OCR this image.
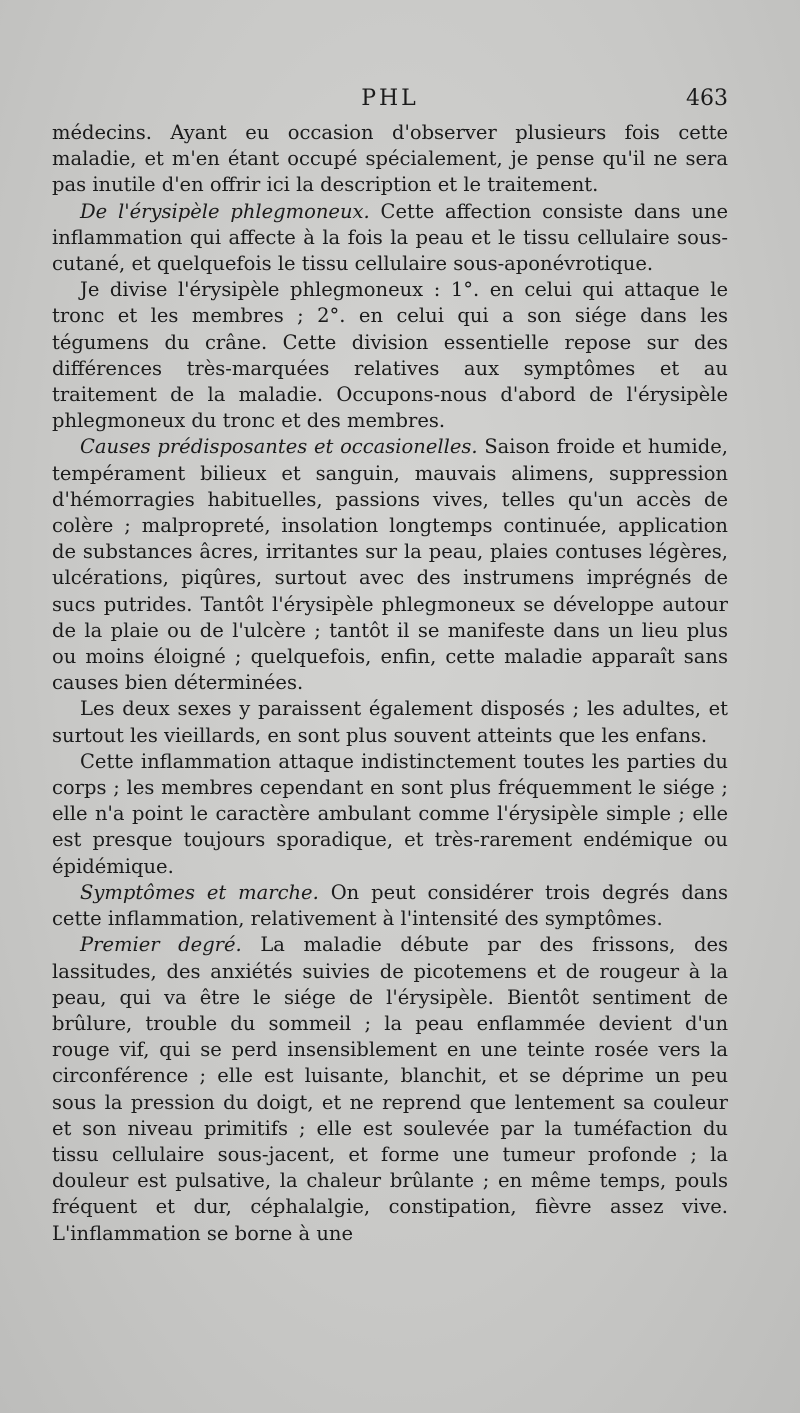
PHL	463

médecins. Ayant eu occasion d'observer plusieurs fois cette maladie, et m'en étant occupé spécialement, je pense qu'il ne sera pas inutile d'en offrir ici la description et le traitement.

De l'érysipèle phlegmoneux. Cette affection consiste dans une inflammation qui affecte à la fois la peau et le tissu cellulaire sous-cutané, et quelquefois le tissu cellulaire sous-aponévrotique.

Je divise l'érysipèle phlegmoneux : 1°. en celui qui attaque le tronc et les membres ; 2°. en celui qui a son siége dans les tégumens du crâne. Cette division essentielle repose sur des différences très-marquées relatives aux symptômes et au traitement de la maladie. Occupons-nous d'abord de l'érysipèle phlegmoneux du tronc et des membres.

Causes prédisposantes et occasionelles. Saison froide et humide, tempérament bilieux et sanguin, mauvais alimens, suppression d'hémorragies habituelles, passions vives, telles qu'un accès de colère ; malpropreté, insolation longtemps continuée, application de substances âcres, irritantes sur la peau, plaies contuses légères, ulcérations, piqûres, surtout avec des instrumens imprégnés de sucs putrides. Tantôt l'érysipèle phlegmoneux se développe autour de la plaie ou de l'ulcère ; tantôt il se manifeste dans un lieu plus ou moins éloigné ; quelquefois, enfin, cette maladie apparaît sans causes bien déterminées.

Les deux sexes y paraissent également disposés ; les adultes, et surtout les vieillards, en sont plus souvent atteints que les enfans.

Cette inflammation attaque indistinctement toutes les parties du corps ; les membres cependant en sont plus fréquemment le siége ; elle n'a point le caractère ambulant comme l'érysipèle simple ; elle est presque toujours sporadique, et très-rarement endémique ou épidémique.

Symptômes et marche. On peut considérer trois degrés dans cette inflammation, relativement à l'intensité des symptômes.

Premier degré. La maladie débute par des frissons, des lassitudes, des anxiétés suivies de picotemens et de rougeur à la peau, qui va être le siége de l'érysipèle. Bientôt sentiment de brûlure, trouble du sommeil ; la peau enflammée devient d'un rouge vif, qui se perd insensiblement en une teinte rosée vers la circonférence ; elle est luisante, blanchit, et se déprime un peu sous la pression du doigt, et ne reprend que lentement sa couleur et son niveau primitifs ; elle est soulevée par la tuméfaction du tissu cellulaire sous-jacent, et forme une tumeur profonde ; la douleur est pulsative, la chaleur brûlante ; en même temps, pouls fréquent et dur, céphalalgie, constipation, fièvre assez vive. L'inflammation se borne à une
